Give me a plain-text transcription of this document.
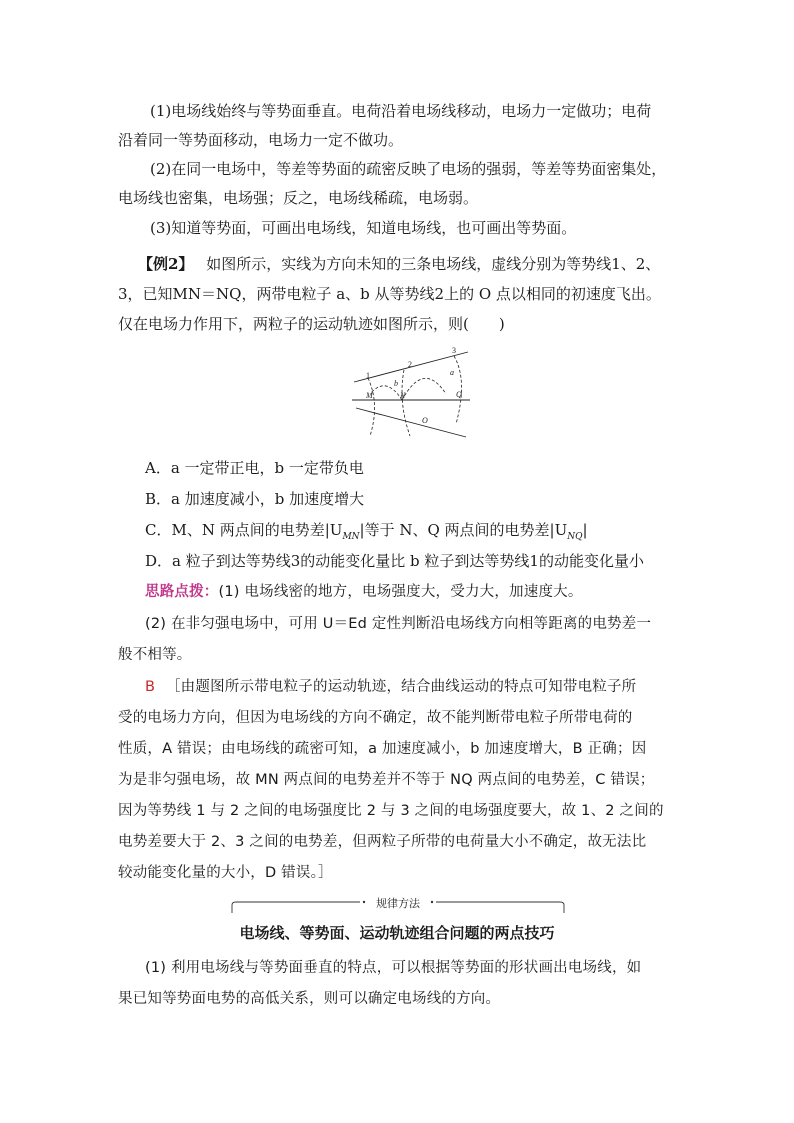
(1)电场线始终与等势面垂直。电荷沿着电场线移动，电场力一定做功；电荷
沿着同一等势面移动，电场力一定不做功。
(2)在同一电场中，等差等势面的疏密反映了电场的强弱，等差等势面密集处，
电场线也密集，电场强；反之，电场线稀疏，电场弱。
(3)知道等势面，可画出电场线，知道电场线，也可画出等势面。
【例2】 如图所示，实线为方向未知的三条电场线，虚线分别为等势线1、2、
3，已知MN＝NQ，两带电粒子 a、b 从等势线2上的 O 点以相同的初速度飞出。
仅在电场力作用下，两粒子的运动轨迹如图所示，则(　　)
1
2
3
b
a
M	N	Q
O
A．a 一定带正电，b 一定带负电
B．a 加速度减小，b 加速度增大
C．M、N 两点间的电势差$|U_{MN}|$等于 N、Q 两点间的电势差$|U_{NQ}|$
D．a 粒子到达等势线3的动能变化量比 b 粒子到达等势线1的动能变化量小
思路点拨：(1) 电场线密的地方，电场强度大，受力大，加速度大。
(2) 在非匀强电场中，可用 U＝Ed 定性判断沿电场线方向相等距离的电势差一
般不相等。
B ［由题图所示带电粒子的运动轨迹，结合曲线运动的特点可知带电粒子所
受的电场力方向，但因为电场线的方向不确定，故不能判断带电粒子所带电荷的
性质，A 错误；由电场线的疏密可知，a 加速度减小，b 加速度增大，B 正确；因
为是非匀强电场，故 MN 两点间的电势差并不等于 NQ 两点间的电势差，C 错误；
因为等势线 1 与 2 之间的电场强度比 2 与 3 之间的电场强度要大，故 1、2 之间的
电势差要大于 2、3 之间的电势差，但两粒子所带的电荷量大小不确定，故无法比
较动能变化量的大小，D 错误。］
规律方法
电场线、等势面、运动轨迹组合问题的两点技巧
(1) 利用电场线与等势面垂直的特点，可以根据等势面的形状画出电场线，如
果已知等势面电势的高低关系，则可以确定电场线的方向。
